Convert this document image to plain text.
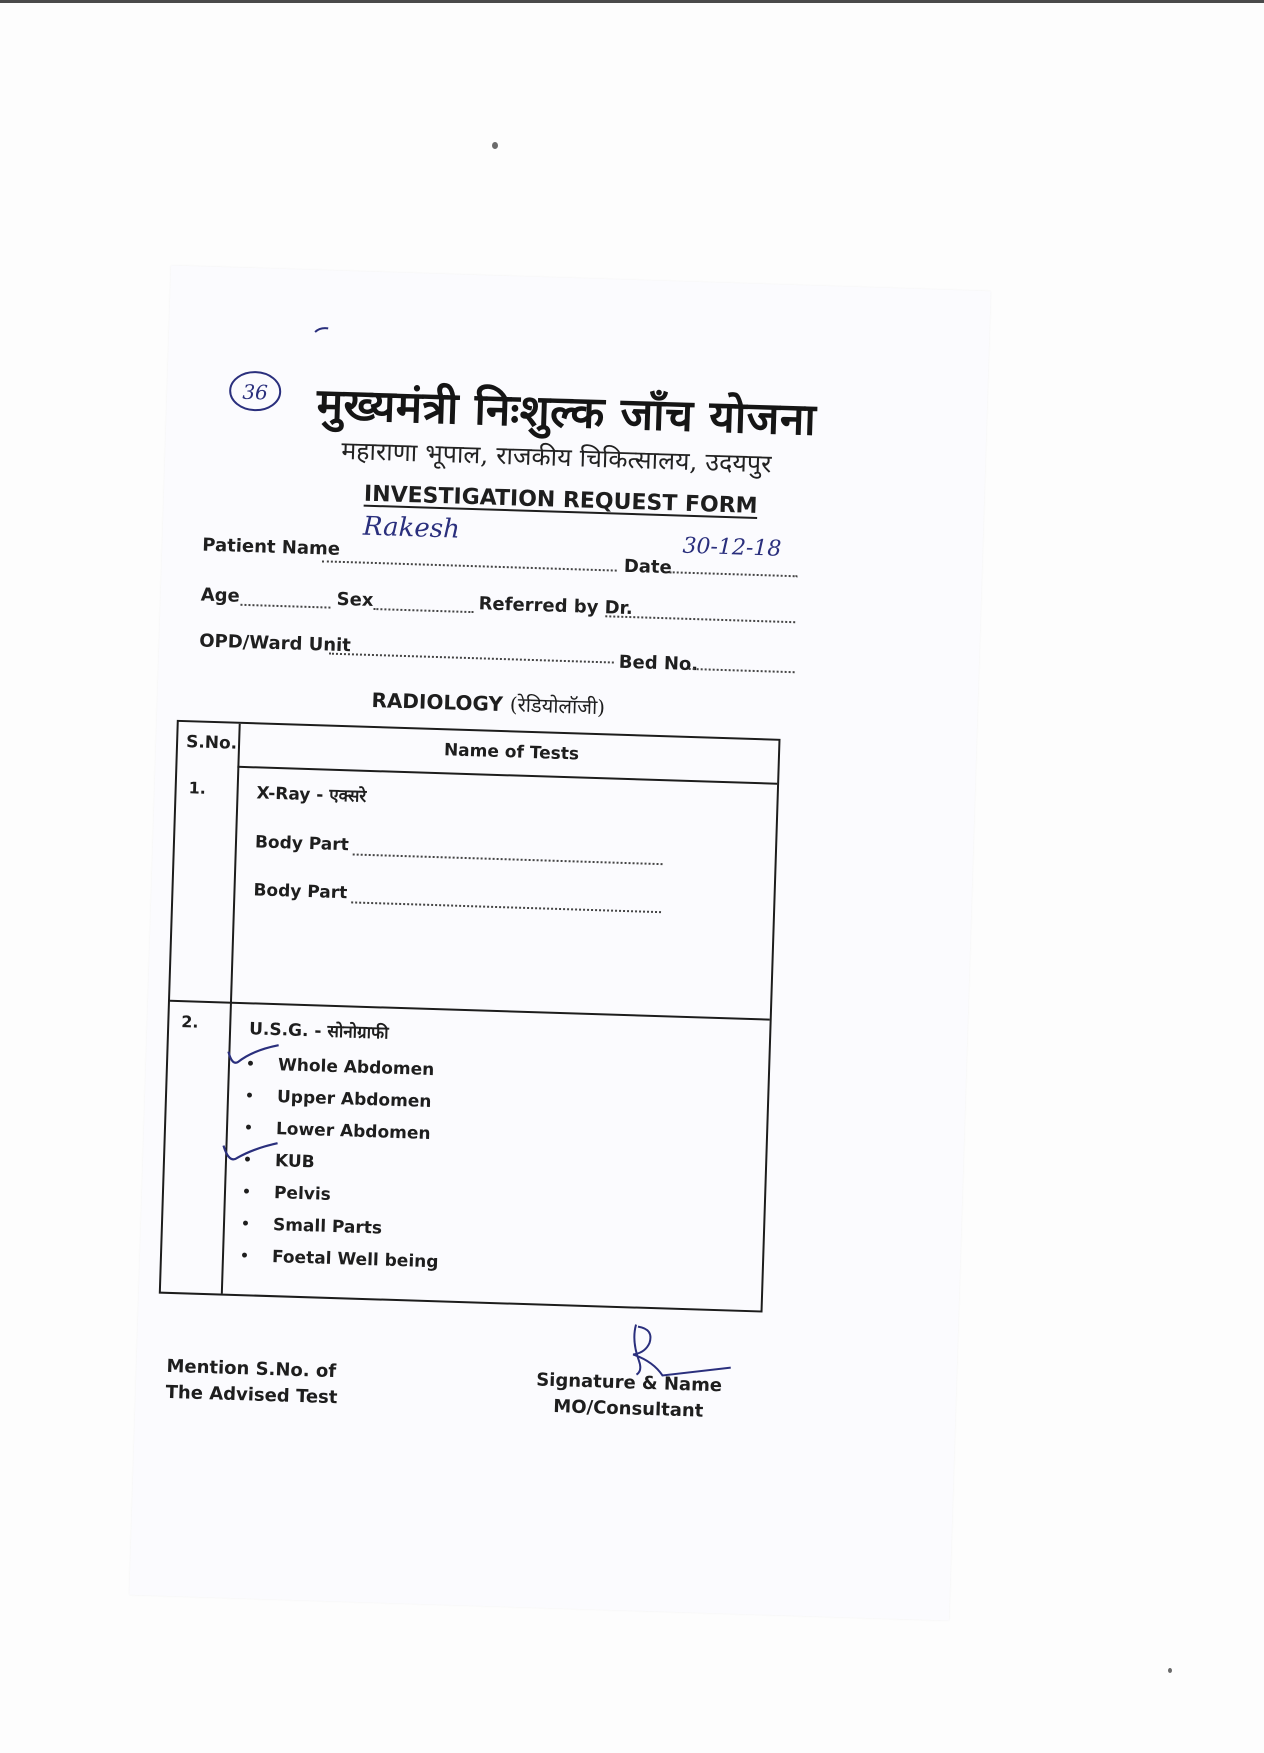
36 मुख्यमंत्री निःशुल्क जाँच योजना
महाराणा भूपाल, राजकीय चिकित्सालय, उदयपुर
INVESTIGATION REQUEST FORM
Patient Name
Rakesh
Date
30-12-18
Age	Sex	Referred by Dr.
OPD/Ward Unit
Bed No.
RADIOLOGY (रेडियोलॉजी)
S.No.	Name of Tests
1.	X-Ray - एक्सरे
Body Part
Body Part
2.	U.S.G. - सोनोग्राफी
• Whole Abdomen
• Upper Abdomen
• Lower Abdomen
• KUB
• Pelvis
• Small Parts
• Foetal Well being
Mention S.No. of
The Advised Test	Signature & Name
MO/Consultant
